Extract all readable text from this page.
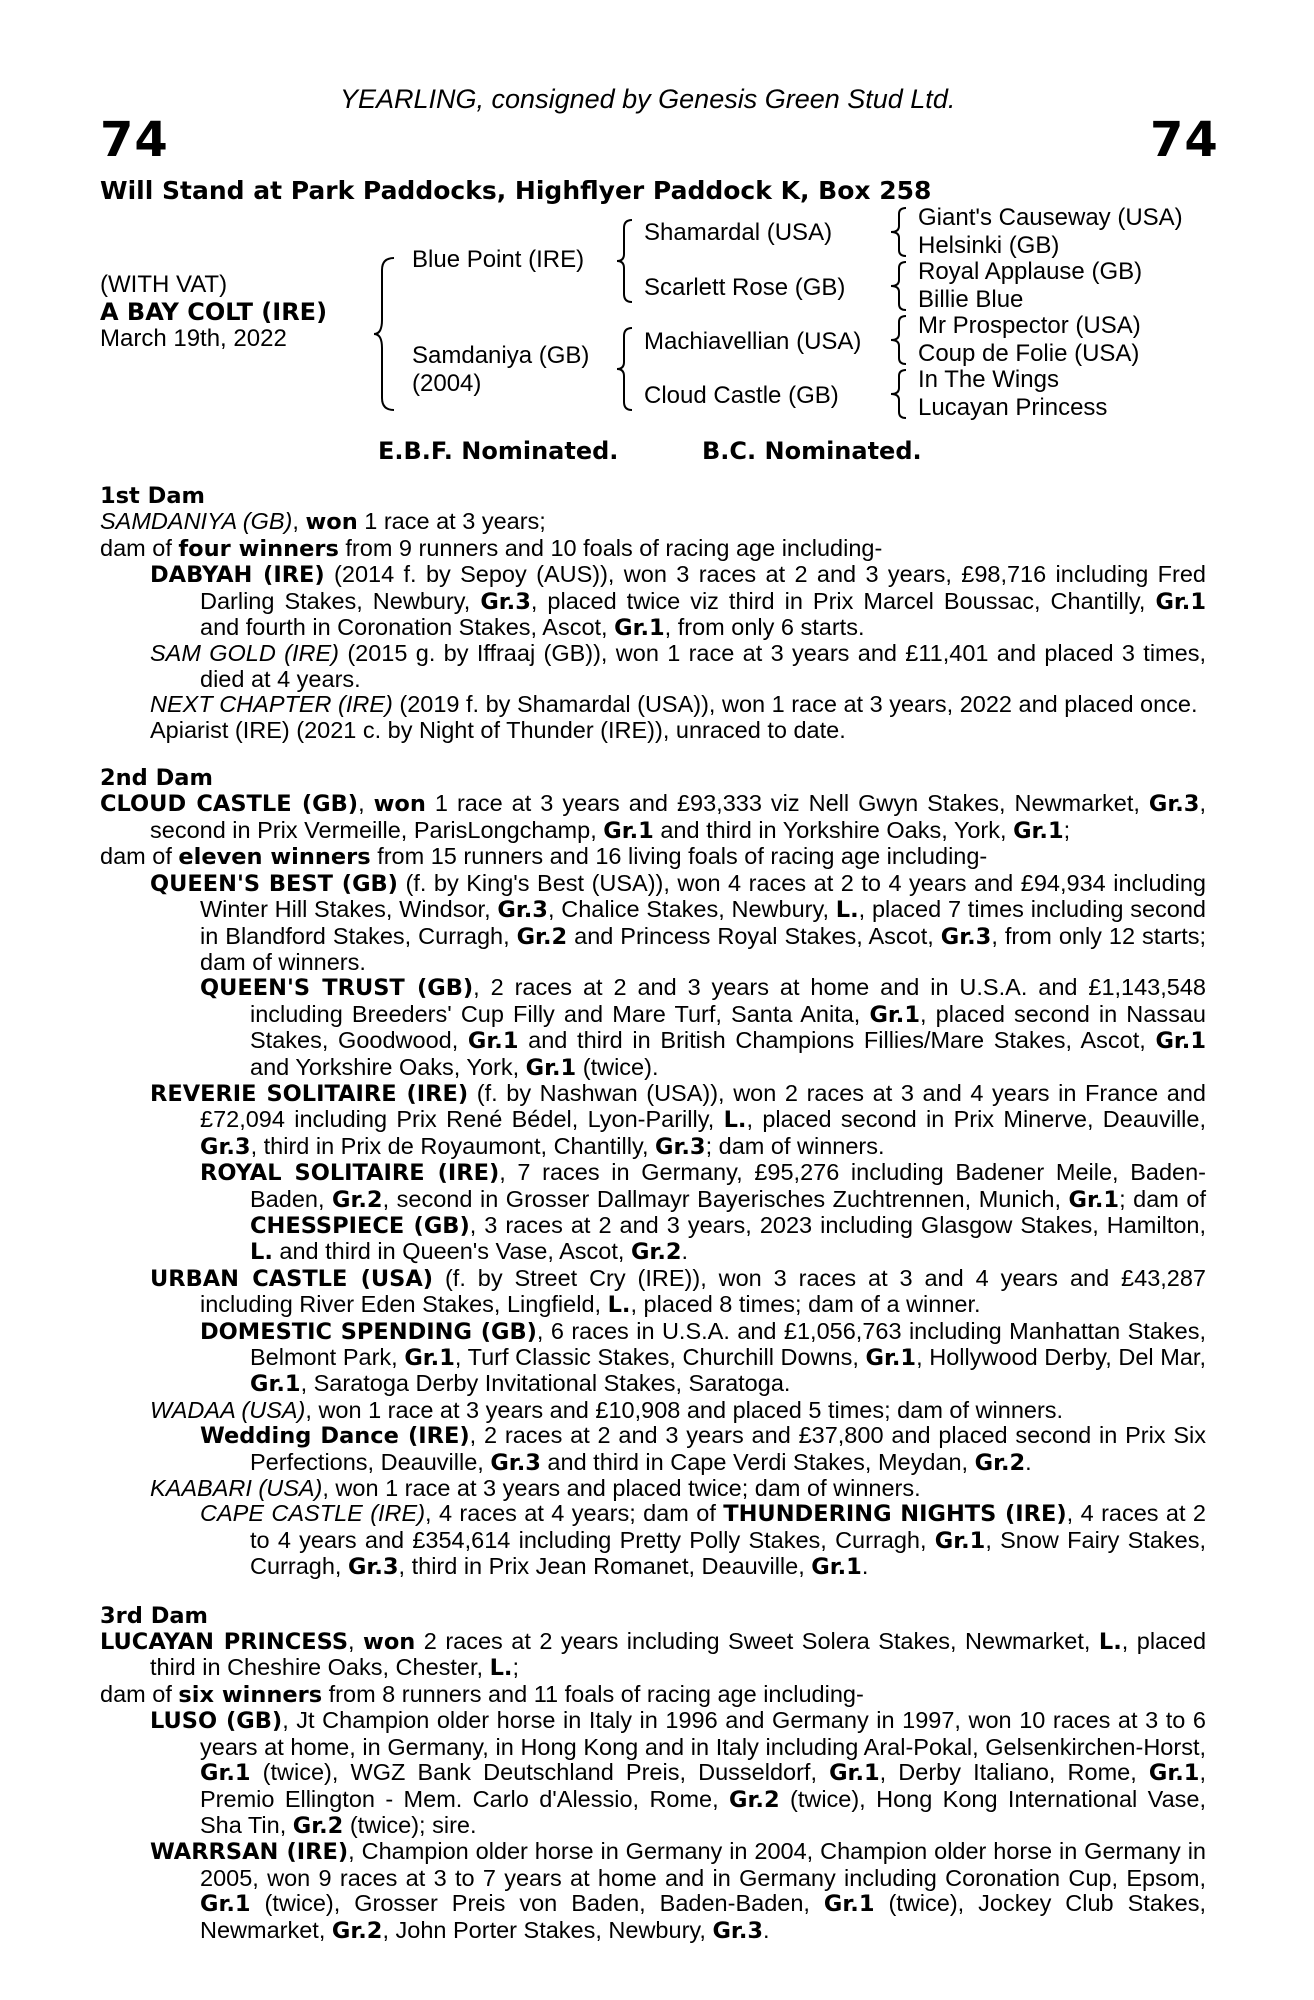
YEARLING, consigned by Genesis Green Stud Ltd.
74	74
Will Stand at Park Paddocks, Highflyer Paddock K, Box 258
(WITH VAT)
A BAY COLT (IRE)
March 19th, 2022
Blue Point (IRE)
Samdaniya (GB)
(2004)
Shamardal (USA)
Scarlett Rose (GB)
Machiavellian (USA)
Cloud Castle (GB)
Giant's Causeway (USA)
Helsinki (GB)
Royal Applause (GB)
Billie Blue
Mr Prospector (USA)
Coup de Folie (USA)
In The Wings
Lucayan Princess
E.B.F. Nominated.	B.C. Nominated.

1st Dam

SAMDANIYA (GB), won 1 race at 3 years;

dam of four winners from 9 runners and 10 foals of racing age including-

DABYAH (IRE) (2014 f. by Sepoy (AUS)), won 3 races at 2 and 3 years, £98,716 including Fred Darling Stakes, Newbury, Gr.3, placed twice viz third in Prix Marcel Boussac, Chantilly, Gr.1 and fourth in Coronation Stakes, Ascot, Gr.1, from only 6 starts.

SAM GOLD (IRE) (2015 g. by Iffraaj (GB)), won 1 race at 3 years and £11,401 and placed 3 times, died at 4 years.

NEXT CHAPTER (IRE) (2019 f. by Shamardal (USA)), won 1 race at 3 years, 2022 and placed once.

Apiarist (IRE) (2021 c. by Night of Thunder (IRE)), unraced to date.

2nd Dam

CLOUD CASTLE (GB), won 1 race at 3 years and £93,333 viz Nell Gwyn Stakes, Newmarket, Gr.3, second in Prix Vermeille, ParisLongchamp, Gr.1 and third in Yorkshire Oaks, York, Gr.1;

dam of eleven winners from 15 runners and 16 living foals of racing age including-

QUEEN'S BEST (GB) (f. by King's Best (USA)), won 4 races at 2 to 4 years and £94,934 including Winter Hill Stakes, Windsor, Gr.3, Chalice Stakes, Newbury, L., placed 7 times including second in Blandford Stakes, Curragh, Gr.2 and Princess Royal Stakes, Ascot, Gr.3, from only 12 starts; dam of winners.

QUEEN'S TRUST (GB), 2 races at 2 and 3 years at home and in U.S.A. and £1,143,548 including Breeders' Cup Filly and Mare Turf, Santa Anita, Gr.1, placed second in Nassau Stakes, Goodwood, Gr.1 and third in British Champions Fillies/Mare Stakes, Ascot, Gr.1 and Yorkshire Oaks, York, Gr.1 (twice).

REVERIE SOLITAIRE (IRE) (f. by Nashwan (USA)), won 2 races at 3 and 4 years in France and £72,094 including Prix René Bédel, Lyon-Parilly, L., placed second in Prix Minerve, Deauville, Gr.3, third in Prix de Royaumont, Chantilly, Gr.3; dam of winners.

ROYAL SOLITAIRE (IRE), 7 races in Germany, £95,276 including Badener Meile, Baden-Baden, Gr.2, second in Grosser Dallmayr Bayerisches Zuchtrennen, Munich, Gr.1; dam of CHESSPIECE (GB), 3 races at 2 and 3 years, 2023 including Glasgow Stakes, Hamilton, L. and third in Queen's Vase, Ascot, Gr.2.

URBAN CASTLE (USA) (f. by Street Cry (IRE)), won 3 races at 3 and 4 years and £43,287 including River Eden Stakes, Lingfield, L., placed 8 times; dam of a winner.

DOMESTIC SPENDING (GB), 6 races in U.S.A. and £1,056,763 including Manhattan Stakes, Belmont Park, Gr.1, Turf Classic Stakes, Churchill Downs, Gr.1, Hollywood Derby, Del Mar, Gr.1, Saratoga Derby Invitational Stakes, Saratoga.

WADAA (USA), won 1 race at 3 years and £10,908 and placed 5 times; dam of winners.

Wedding Dance (IRE), 2 races at 2 and 3 years and £37,800 and placed second in Prix Six Perfections, Deauville, Gr.3 and third in Cape Verdi Stakes, Meydan, Gr.2.

KAABARI (USA), won 1 race at 3 years and placed twice; dam of winners.

CAPE CASTLE (IRE), 4 races at 4 years; dam of THUNDERING NIGHTS (IRE), 4 races at 2 to 4 years and £354,614 including Pretty Polly Stakes, Curragh, Gr.1, Snow Fairy Stakes, Curragh, Gr.3, third in Prix Jean Romanet, Deauville, Gr.1.

3rd Dam

LUCAYAN PRINCESS, won 2 races at 2 years including Sweet Solera Stakes, Newmarket, L., placed third in Cheshire Oaks, Chester, L.;

dam of six winners from 8 runners and 11 foals of racing age including-

LUSO (GB), Jt Champion older horse in Italy in 1996 and Germany in 1997, won 10 races at 3 to 6 years at home, in Germany, in Hong Kong and in Italy including Aral-Pokal, Gelsenkirchen-Horst, Gr.1 (twice), WGZ Bank Deutschland Preis, Dusseldorf, Gr.1, Derby Italiano, Rome, Gr.1, Premio Ellington - Mem. Carlo d'Alessio, Rome, Gr.2 (twice), Hong Kong International Vase, Sha Tin, Gr.2 (twice); sire.

WARRSAN (IRE), Champion older horse in Germany in 2004, Champion older horse in Germany in 2005, won 9 races at 3 to 7 years at home and in Germany including Coronation Cup, Epsom, Gr.1 (twice), Grosser Preis von Baden, Baden-Baden, Gr.1 (twice), Jockey Club Stakes, Newmarket, Gr.2, John Porter Stakes, Newbury, Gr.3.
